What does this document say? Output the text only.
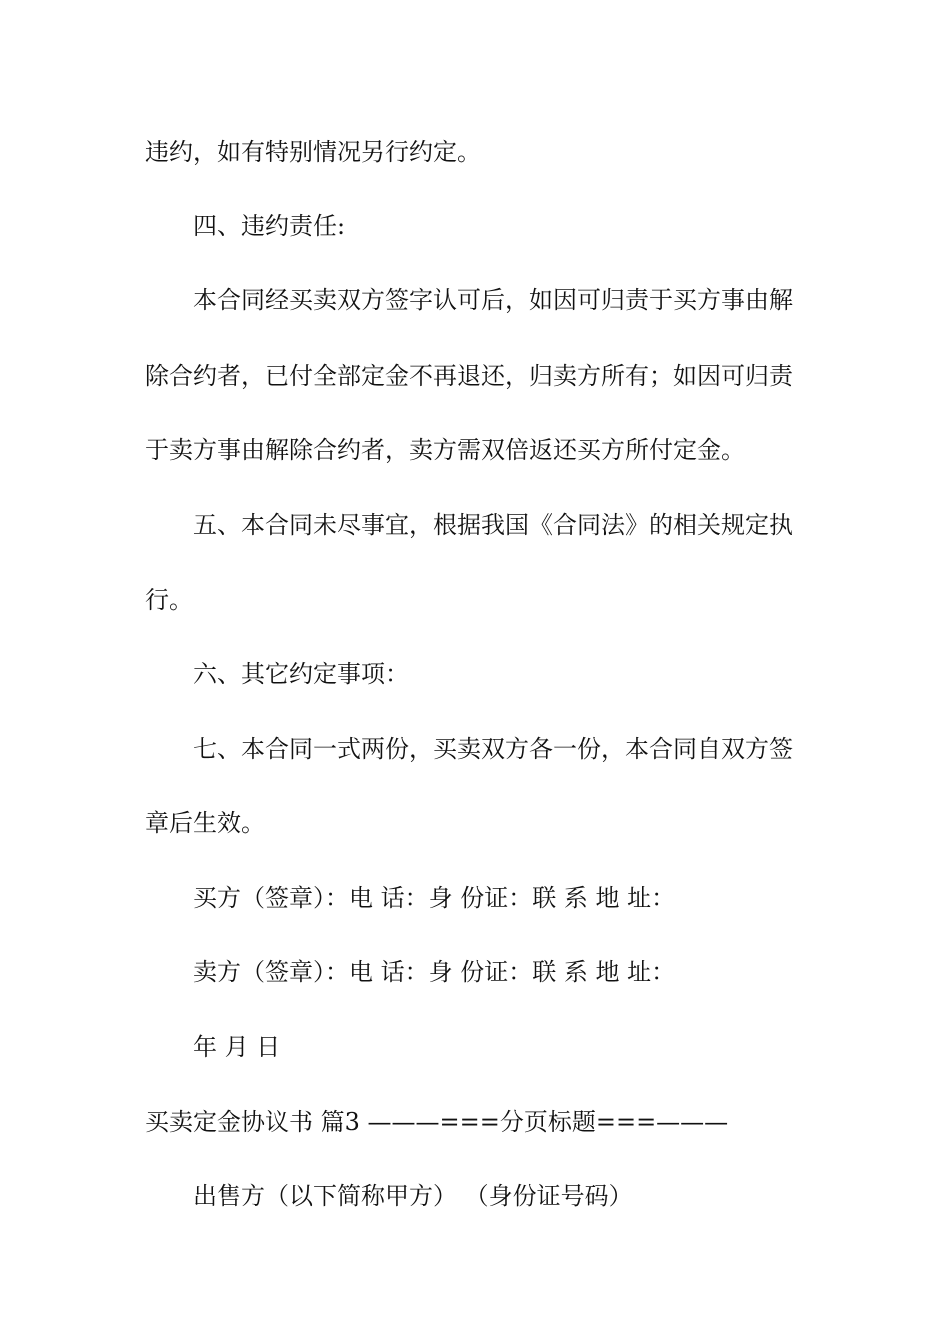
违约，如有特别情况另行约定。
四、违约责任:
本合同经买卖双方签字认可后，如因可归责于买方事由解
除合约者，已付全部定金不再退还，归卖方所有；如因可归责
于卖方事由解除合约者，卖方需双倍返还买方所付定金。
五、本合同未尽事宜，根据我国《合同法》的相关规定执
行。
六、其它约定事项：
七、本合同一式两份，买卖双方各一份，本合同自双方签
章后生效。
买方（签章）：电 话：身 份证：联 系 地 址：
卖方（签章）：电 话：身 份证：联 系 地 址：
年 月 日
买卖定金协议书 篇3 ———===分页标题===———
出售方（以下简称甲方） （身份证号码）
